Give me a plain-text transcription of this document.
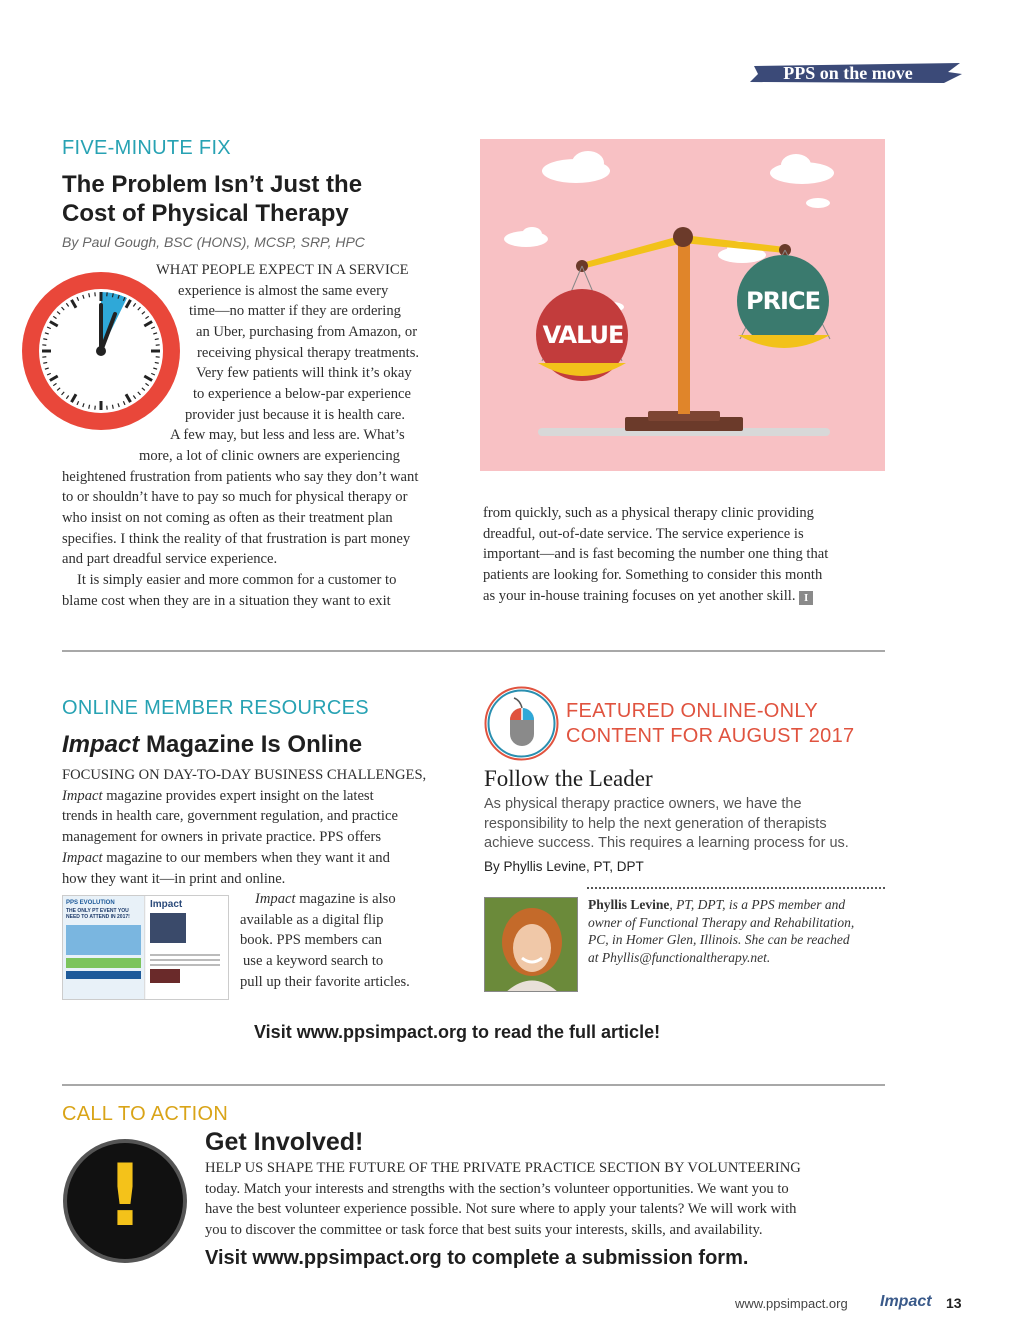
PPS on the move
FIVE-MINUTE FIX
The Problem Isn’t Just the
Cost of Physical Therapy
By Paul Gough, BSC (HONS), MCSP, SRP, HPC
WHAT PEOPLE EXPECT IN A SERVICE
experience is almost the same every
time—no matter if they are ordering
an Uber, purchasing from Amazon, or
receiving physical therapy treatments.
Very few patients will think it’s okay
to experience a below-par experience
provider just because it is health care.
A few may, but less and less are. What’s
more, a lot of clinic owners are experiencing
heightened frustration from patients who say they don’t want
to or shouldn’t have to pay so much for physical therapy or
who insist on not coming as often as their treatment plan
specifies. I think the reality of that frustration is part money
and part dreadful service experience.
It is simply easier and more common for a customer to
blame cost when they are in a situation they want to exit
VALUE
PRICE
from quickly, such as a physical therapy clinic providing
dreadful, out-of-date service. The service experience is
important—and is fast becoming the number one thing that
patients are looking for. Something to consider this month
as your in-house training focuses on yet another skill. I
ONLINE MEMBER RESOURCES
Impact Magazine Is Online
FOCUSING ON DAY-TO-DAY BUSINESS CHALLENGES,
Impact magazine provides expert insight on the latest
trends in health care, government regulation, and practice
management for owners in private practice. PPS offers
Impact magazine to our members when they want it and
how they want it—in print and online.
PPS EVOLUTION
THE ONLY PT EVENT YOU NEED TO ATTEND IN 2017!
Impact	Impact magazine is also
available as a digital flip
book. PPS members can
use a keyword search to
pull up their favorite articles.
FEATURED ONLINE-ONLY
CONTENT FOR AUGUST 2017
Follow the Leader
As physical therapy practice owners, we have the
responsibility to help the next generation of therapists
achieve success. This requires a learning process for us.
By Phyllis Levine, PT, DPT
Phyllis Levine, PT, DPT, is a PPS member and
owner of Functional Therapy and Rehabilitation,
PC, in Homer Glen, Illinois. She can be reached
at Phyllis@functionaltherapy.net.
Visit www.ppsimpact.org to read the full article!
CALL TO ACTION
!
Get Involved!
HELP US SHAPE THE FUTURE OF THE PRIVATE PRACTICE SECTION BY VOLUNTEERING
today. Match your interests and strengths with the section’s volunteer opportunities. We want you to
have the best volunteer experience possible. Not sure where to apply your talents? We will work with
you to discover the committee or task force that best suits your interests, skills, and availability.
Visit www.ppsimpact.org to complete a submission form.
www.ppsimpact.org Impact 13
